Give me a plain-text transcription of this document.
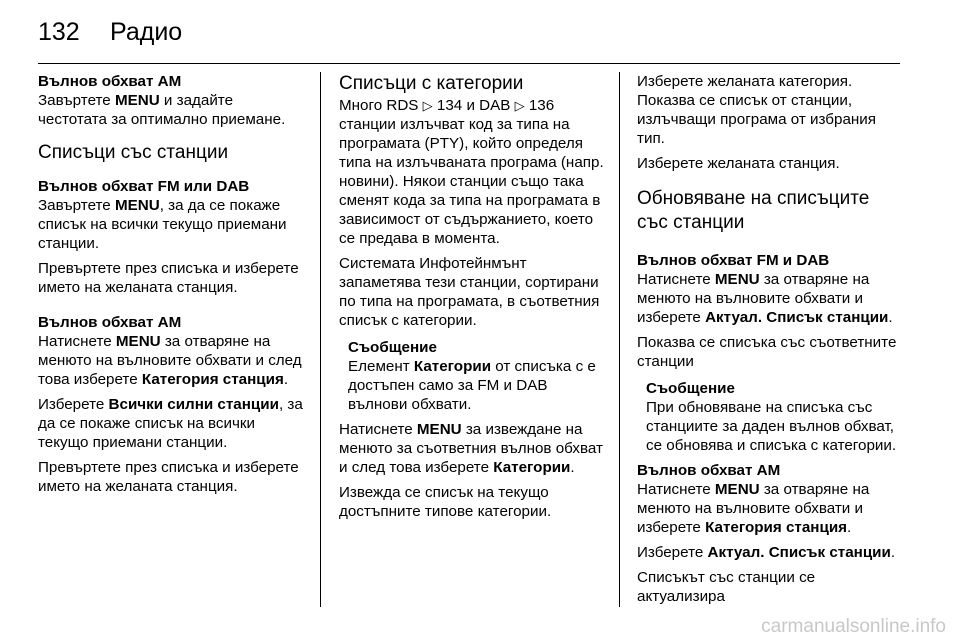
132 Радио

Вълнов обхват AM

Завъртете MENU и задайте честотата за оптимално приемане.

Списъци със станции

Вълнов обхват FM или DAB

Завъртете MENU, за да се покаже списък на всички текущо приемани станции.

Превъртете през списъка и изберете името на желаната станция.

Вълнов обхват AM

Натиснете MENU за отваряне на менюто на вълновите обхвати и след това изберете Категория станция.

Изберете Всички силни станции, за да се покаже списък на всички текущо приемани станции.

Превъртете през списъка и изберете името на желаната станция.

Списъци с категории

Много RDS ▷ 134 и DAB ▷ 136 станции излъчват код за типа на програмата (PTY), който определя типа на излъчваната програма (напр. новини). Някои станции също така сменят кода за типа на програмата в зависимост от съдържанието, което се предава в момента.

Системата Инфотейнмънт запаметява тези станции, сортирани по типа на програмата, в съответния списък с категории.

Съобщение
Елемент Категории от списъка с е достъпен само за FM и DAB вълнови обхвати.

Натиснете MENU за извеждане на менюто за съответния вълнов обхват и след това изберете Категории.

Извежда се списък на текущо достъпните типове категории.

Изберете желаната категория. Показва се списък от станции, излъчващи програма от избрания тип.

Изберете желаната станция.

Обновяване на списъците със станции

Вълнов обхват FM и DAB

Натиснете MENU за отваряне на менюто на вълновите обхвати и изберете Актуал. Списък станции.

Показва се списъка със съответните станции

Съобщение
При обновяване на списъка със станциите за даден вълнов обхват, се обновява и списъка с категории.

Вълнов обхват AM

Натиснете MENU за отваряне на менюто на вълновите обхвати и изберете Категория станция.

Изберете Актуал. Списък станции.

Списъкът със станции се актуализира

carmanualsonline.info
